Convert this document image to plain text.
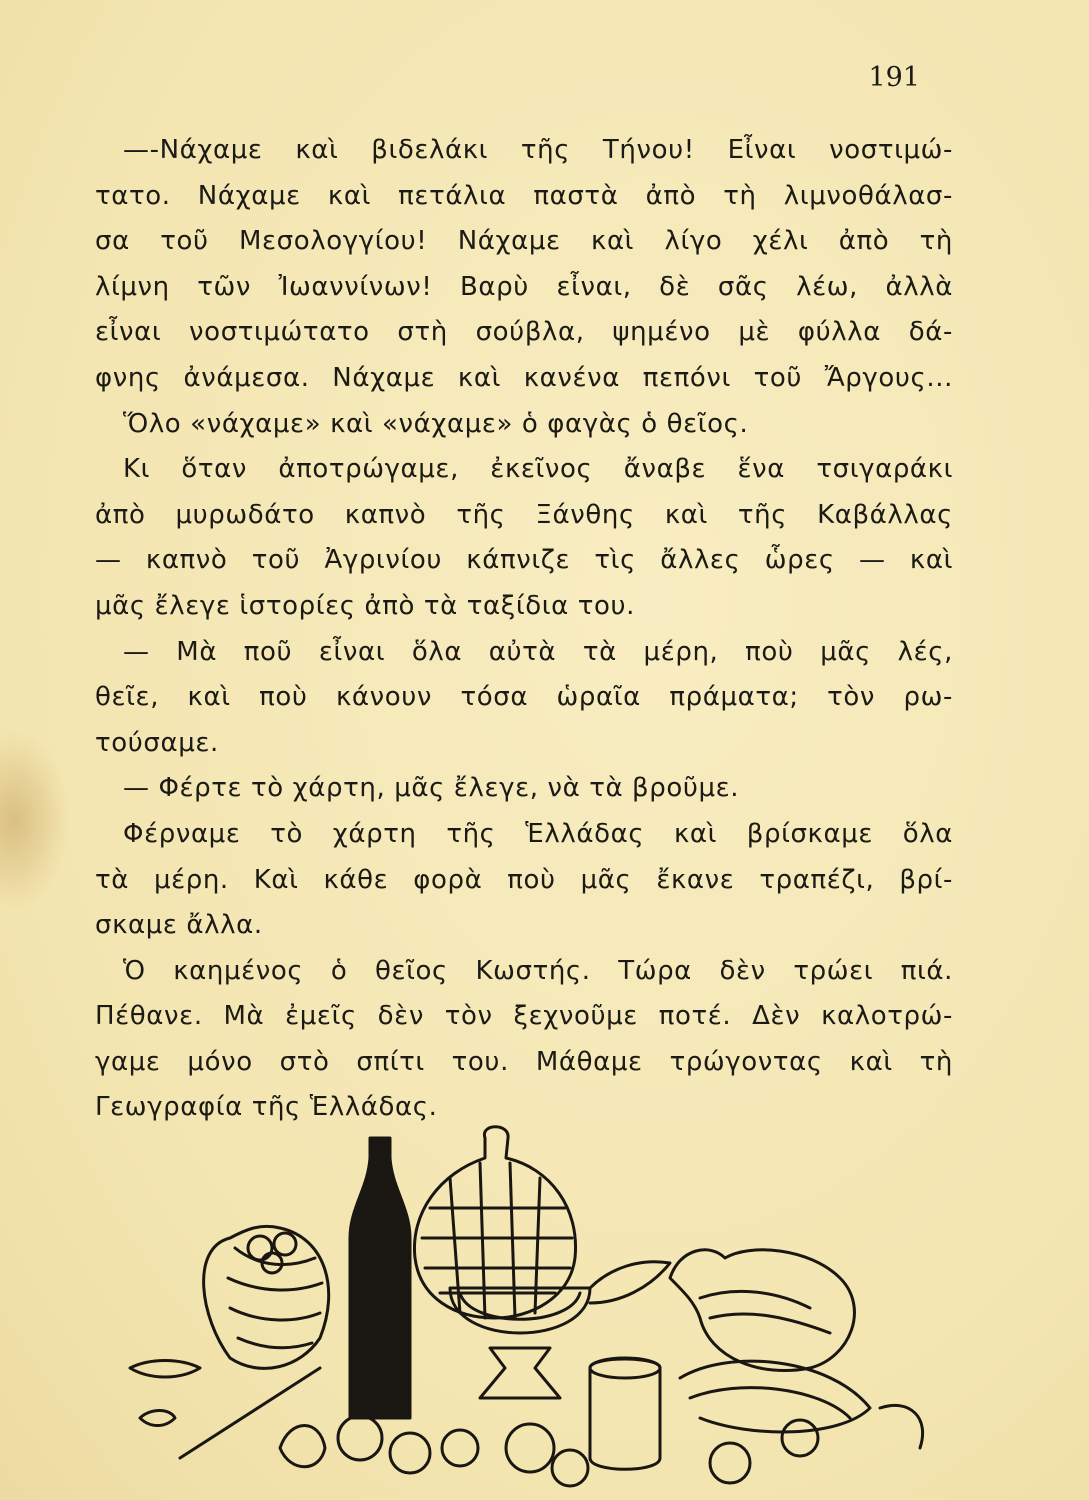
191
—-Νάχαμε καὶ βιδελάκι τῆς Τήνου! Εἶναι νοστιμώ-
τατο. Νάχαμε καὶ πετάλια παστὰ ἀπὸ τὴ λιμνοθάλασ-
σα τοῦ Μεσολογγίου! Νάχαμε καὶ λίγο χέλι ἀπὸ τὴ
λίμνη τῶν Ἰωαννίνων! Βαρὺ εἶναι, δὲ σᾶς λέω, ἀλλὰ
εἶναι νοστιμώτατο στὴ σούβλα, ψημένο μὲ φύλλα δά-
φνης ἀνάμεσα. Νάχαμε καὶ κανένα πεπόνι τοῦ Ἄργους...
Ὅλο «νάχαμε» καὶ «νάχαμε» ὁ φαγὰς ὁ θεῖος.
Κι ὅταν ἀποτρώγαμε, ἐκεῖνος ἄναβε ἕνα τσιγαράκι
ἀπὸ μυρωδάτο καπνὸ τῆς Ξάνθης καὶ τῆς Καβάλλας
— καπνὸ τοῦ Ἀγρινίου κάπνιζε τὶς ἄλλες ὧρες — καὶ
μᾶς ἔλεγε ἱστορίες ἀπὸ τὰ ταξίδια του.
— Μὰ ποῦ εἶναι ὅλα αὐτὰ τὰ μέρη, ποὺ μᾶς λές,
θεῖε, καὶ ποὺ κάνουν τόσα ὡραῖα πράματα; τὸν ρω-
τούσαμε.
— Φέρτε τὸ χάρτη, μᾶς ἔλεγε, νὰ τὰ βροῦμε.
Φέρναμε τὸ χάρτη τῆς Ἑλλάδας καὶ βρίσκαμε ὅλα
τὰ μέρη. Καὶ κάθε φορὰ ποὺ μᾶς ἔκανε τραπέζι, βρί-
σκαμε ἄλλα.
Ὁ καημένος ὁ θεῖος Κωστής. Τώρα δὲν τρώει πιά.
Πέθανε. Μὰ ἐμεῖς δὲν τὸν ξεχνοῦμε ποτέ. Δὲν καλοτρώ-
γαμε μόνο στὸ σπίτι του. Μάθαμε τρώγοντας καὶ τὴ
Γεωγραφία τῆς Ἑλλάδας.
